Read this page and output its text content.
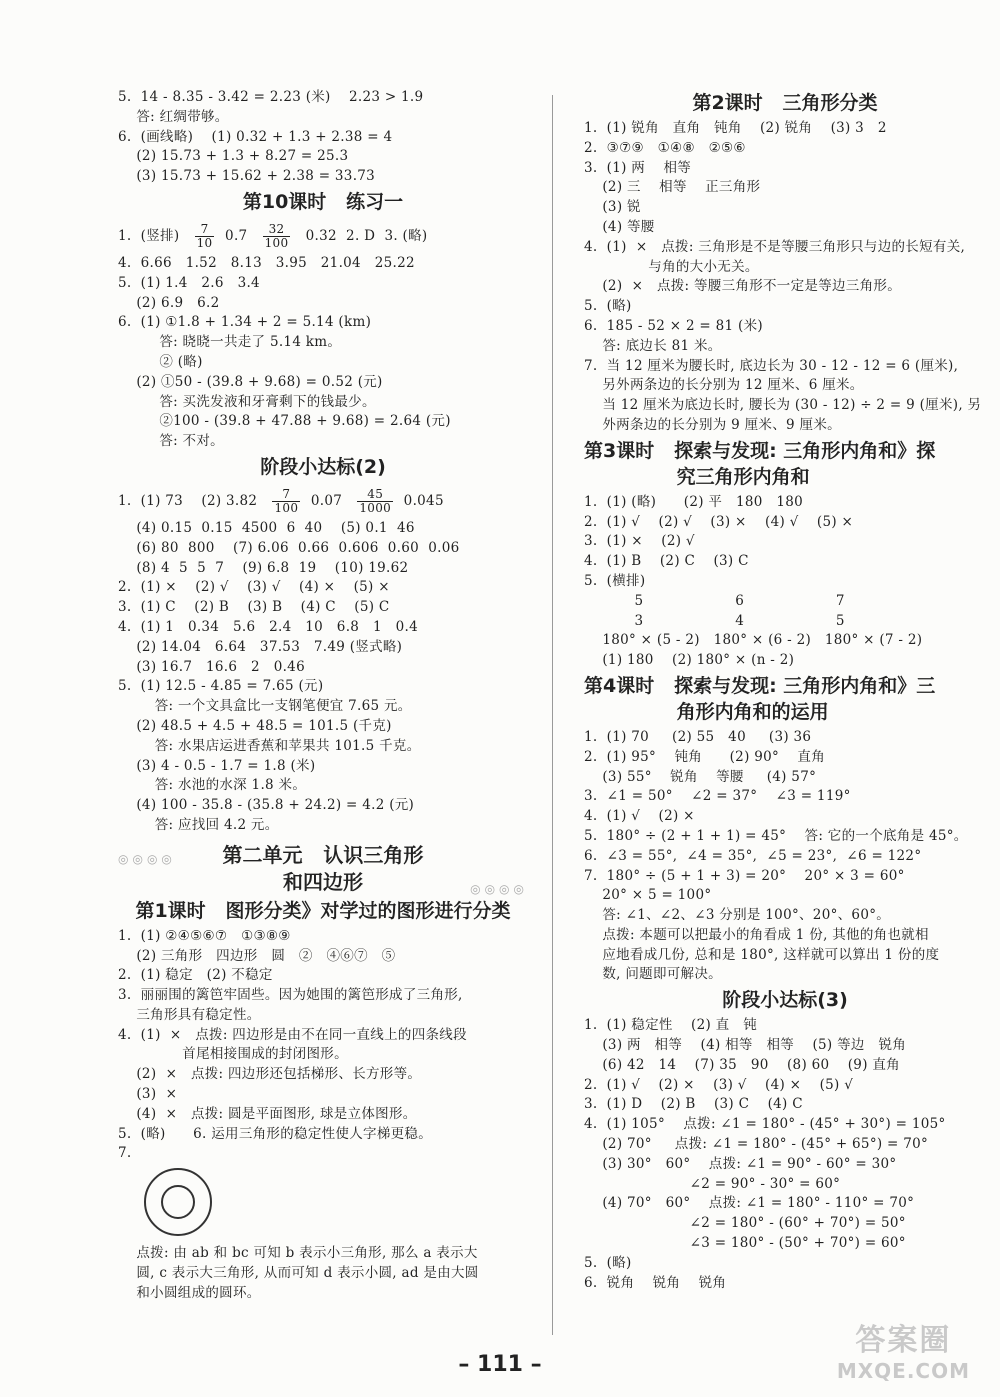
5.  14 - 8.35 - 3.42 = 2.23 (米)    2.23 > 1.9
答: 红绸带够。
6.  (画线略)    (1) 0.32 + 1.3 + 2.38 = 4
(2) 15.73 + 1.3 + 8.27 = 25.3
(3) 15.73 + 15.62 + 2.38 = 33.73
第10课时   练习一
1.  (竖排) $\frac{7}{10} 0.7 \frac{32}{100} 0.32$  2. D  3. (略)
4.  6.66   1.52   8.13   3.95   21.04   25.22
5.  (1) 1.4   2.6   3.4
(2) 6.9   6.2
6.  (1) ①1.8 + 1.34 + 2 = 5.14 (km)
答: 晓晓一共走了 5.14 km。
② (略)
(2) ①50 - (39.8 + 9.68) = 0.52 (元)
答: 买洗发液和牙膏剩下的钱最少。
②100 - (39.8 + 47.88 + 9.68) = 2.64 (元)
答: 不对。
阶段小达标(2)
1.  (1) 73    (2) $3.82 \frac{7}{100} 0.07 \frac{45}{1000} 0.045$
(4) 0.15  0.15  4500  6  40    (5) 0.1  46
(6) 80  800    (7) 6.06  0.66  0.606  0.60  0.06
(8) 4  5  5  7    (9) 6.8  19    (10) 19.62
2.  (1) ×    (2) √    (3) √    (4) ×    (5) ×
3.  (1) C    (2) B    (3) B    (4) C    (5) C
4.  (1) 1   0.34   5.6   2.4   10   6.8   1   0.4
(2) 14.04   6.64   37.53   7.49 (竖式略)
(3) 16.7   16.6   2   0.46
5.  (1) 12.5 - 4.85 = 7.65 (元)
答: 一个文具盒比一支钢笔便宜 7.65 元。
(2) 48.5 + 4.5 + 48.5 = 101.5 (千克)
答: 水果店运进香蕉和苹果共 101.5 千克。
(3) 4 - 0.5 - 1.7 = 1.8 (米)
答: 水池的水深 1.8 米。
(4) 100 - 35.8 - (35.8 + 24.2) = 4.2 (元)
答: 应找回 4.2 元。
◎◎◎◎
◎◎◎◎
第二单元   认识三角形
和四边形
第1课时   图形分类》对学过的图形进行分类
1.  (1) ②④⑤⑥⑦   ①③⑧⑨
(2) 三角形   四边形   圆   ②   ④⑥⑦   ⑤
2.  (1) 稳定   (2) 不稳定
3.  丽丽围的篱笆牢固些。因为她围的篱笆形成了三角形,
三角形具有稳定性。
4.  (1)  ×   点拨: 四边形是由不在同一直线上的四条线段
首尾相接围成的封闭图形。
(2)  ×   点拨: 四边形还包括梯形、长方形等。
(3)  ×
(4)  ×   点拨: 圆是平面图形, 球是立体图形。
5.  (略)      6. 运用三角形的稳定性使人字梯更稳。
7.
点拨: 由 ab 和 bc 可知 b 表示小三角形, 那么 a 表示大
圆, c 表示大三角形, 从而可知 d 表示小圆, ad 是由大圆
和小圆组成的圆环。
第2课时   三角形分类
1.  (1) 锐角   直角   钝角    (2) 锐角    (3) 3   2
2.  ③⑦⑨   ①④⑧   ②⑤⑥
3.  (1) 两    相等
(2) 三    相等    正三角形
(3) 锐
(4) 等腰
4.  (1)  ×   点拨: 三角形是不是等腰三角形只与边的长短有关,
与角的大小无关。
(2)  ×   点拨: 等腰三角形不一定是等边三角形。
5.  (略)
6.  185 - 52 × 2 = 81 (米)
答: 底边长 81 米。
7.  当 12 厘米为腰长时, 底边长为 30 - 12 - 12 = 6 (厘米),
另外两条边的长分别为 12 厘米、6 厘米。
当 12 厘米为底边长时, 腰长为 (30 - 12) ÷ 2 = 9 (厘米), 另
外两条边的长分别为 9 厘米、9 厘米。
第3课时   探索与发现: 三角形内角和》探
究三角形内角和
1.  (1) (略)      (2) 平   180   180
2.  (1) √    (2) √    (3) ×    (4) √    (5) ×
3.  (1) ×    (2) √
4.  (1) B    (2) C    (3) C
5.  (横排)
5                    6                    7
3                    4                    5
180° × (5 - 2)   180° × (6 - 2)   180° × (7 - 2)
(1) 180    (2) 180° × (n - 2)
第4课时   探索与发现: 三角形内角和》三
角形内角和的运用
1.  (1) 70     (2) 55   40     (3) 36
2.  (1) 95°    钝角      (2) 90°    直角
(3) 55°    锐角    等腰     (4) 57°
3.  ∠1 = 50°    ∠2 = 37°    ∠3 = 119°
4.  (1) √    (2) ×
5.  180° ÷ (2 + 1 + 1) = 45°    答: 它的一个底角是 45°。
6.  ∠3 = 55°,  ∠4 = 35°,  ∠5 = 23°,  ∠6 = 122°
7.  180° ÷ (5 + 1 + 3) = 20°    20° × 3 = 60°
20° × 5 = 100°
答: ∠1、∠2、∠3 分别是 100°、20°、60°。
点拨: 本题可以把最小的角看成 1 份, 其他的角也就相
应地看成几份, 总和是 180°, 这样就可以算出 1 份的度
数, 问题即可解决。
阶段小达标(3)
1.  (1) 稳定性    (2) 直   钝
(3) 两   相等    (4) 相等   相等    (5) 等边   锐角
(6) 42   14    (7) 35   90    (8) 60    (9) 直角
2.  (1) √    (2) ×    (3) √    (4) ×    (5) √
3.  (1) D    (2) B    (3) C    (4) C
4.  (1) 105°    点拨: ∠1 = 180° - (45° + 30°) = 105°
(2) 70°     点拨: ∠1 = 180° - (45° + 65°) = 70°
(3) 30°   60°    点拨: ∠1 = 90° - 60° = 30°
∠2 = 90° - 30° = 60°
(4) 70°   60°    点拨: ∠1 = 180° - 110° = 70°
∠2 = 180° - (60° + 70°) = 50°
∠3 = 180° - (50° + 70°) = 60°
5.  (略)
6.  锐角    锐角    锐角
– 111 –
答案圈
MXQE.COM
